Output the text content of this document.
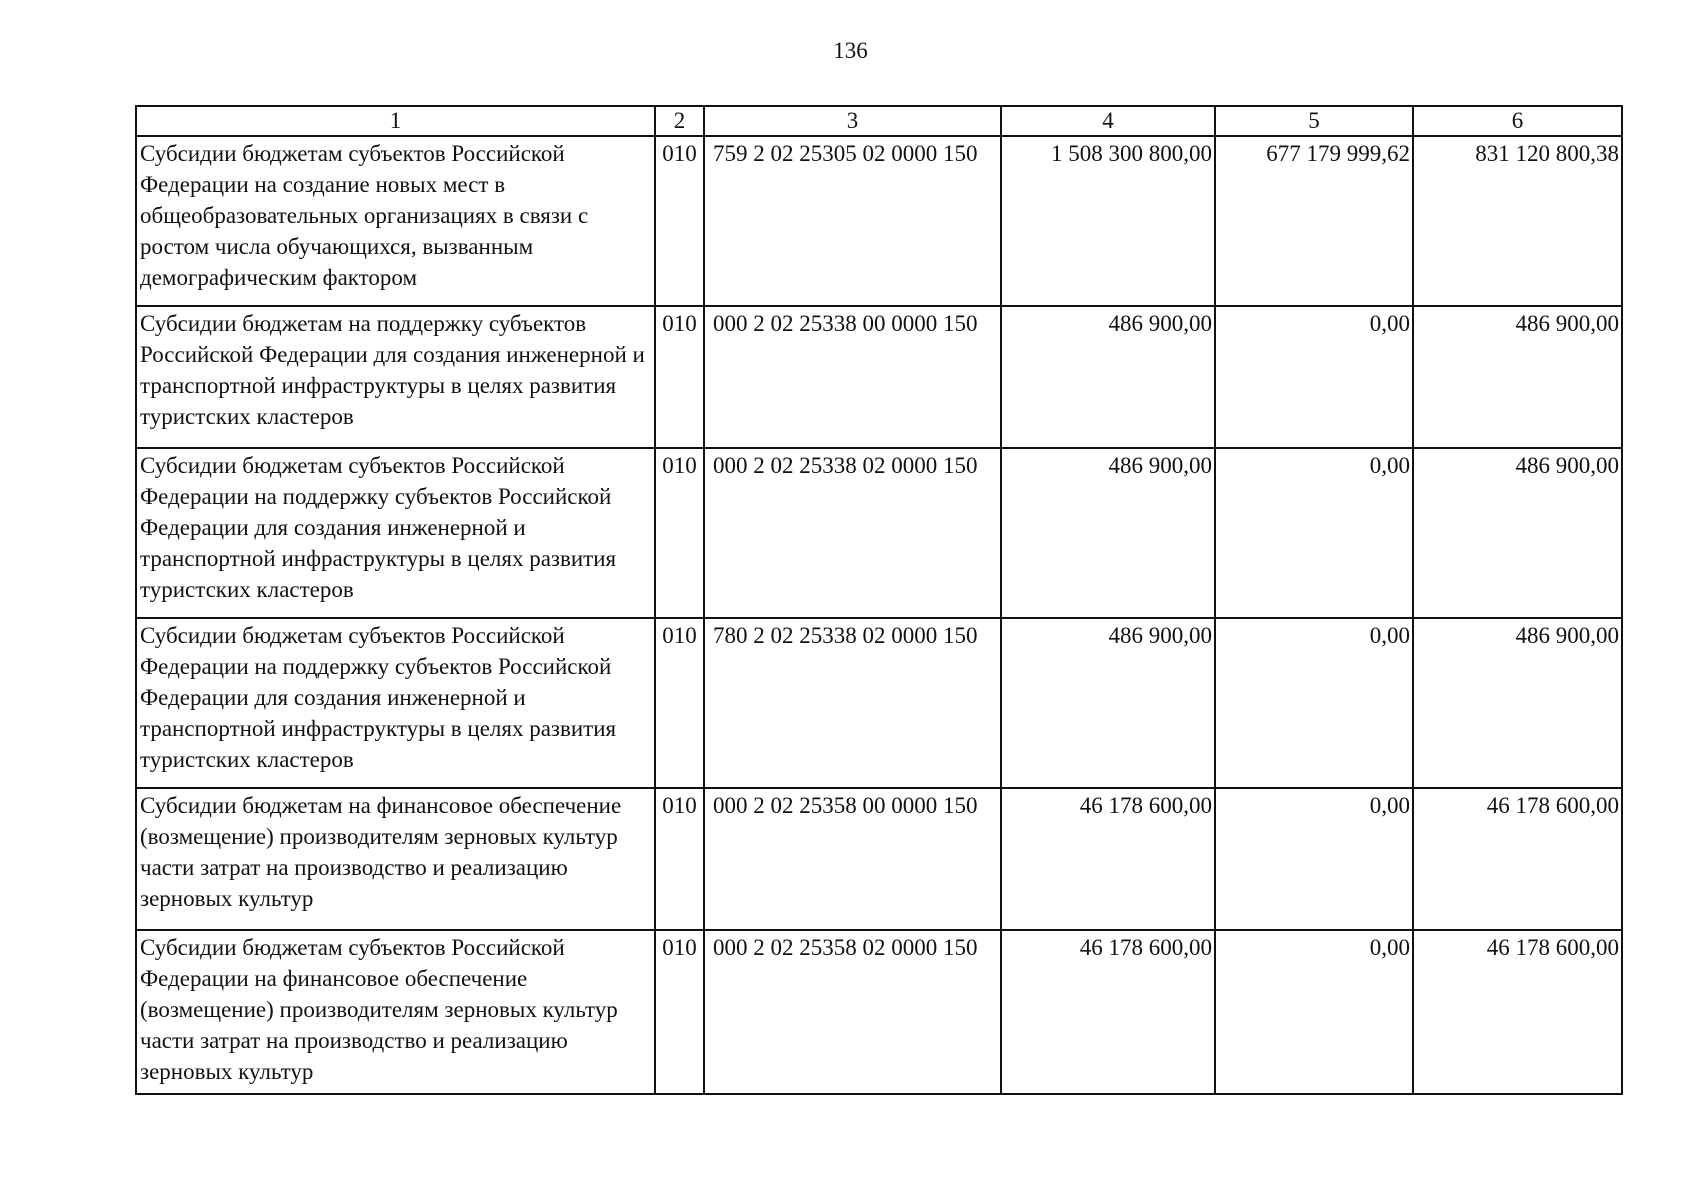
136
1	2	3	4	5	6
Субсидии бюджетам субъектов Российской Федерации на создание новых мест в общеобразовательных организациях в связи с ростом числа обучающихся, вызванным демографическим фактором	010	759 2 02 25305 02 0000 150	1 508 300 800,00	677 179 999,62	831 120 800,38
Субсидии бюджетам на поддержку субъектов Российской Федерации для создания инженерной и транспортной инфраструктуры в целях развития туристских кластеров	010	000 2 02 25338 00 0000 150	486 900,00	0,00	486 900,00
Субсидии бюджетам субъектов Российской Федерации на поддержку субъектов Российской Федерации для создания инженерной и транспортной инфраструктуры в целях развития туристских кластеров	010	000 2 02 25338 02 0000 150	486 900,00	0,00	486 900,00
Субсидии бюджетам субъектов Российской Федерации на поддержку субъектов Российской Федерации для создания инженерной и транспортной инфраструктуры в целях развития туристских кластеров	010	780 2 02 25338 02 0000 150	486 900,00	0,00	486 900,00
Субсидии бюджетам на финансовое обеспечение (возмещение) производителям зерновых культур части затрат на производство и реализацию зерновых культур	010	000 2 02 25358 00 0000 150	46 178 600,00	0,00	46 178 600,00
Субсидии бюджетам субъектов Российской Федерации на финансовое обеспечение (возмещение) производителям зерновых культур части затрат на производство и реализацию зерновых культур	010	000 2 02 25358 02 0000 150	46 178 600,00	0,00	46 178 600,00
